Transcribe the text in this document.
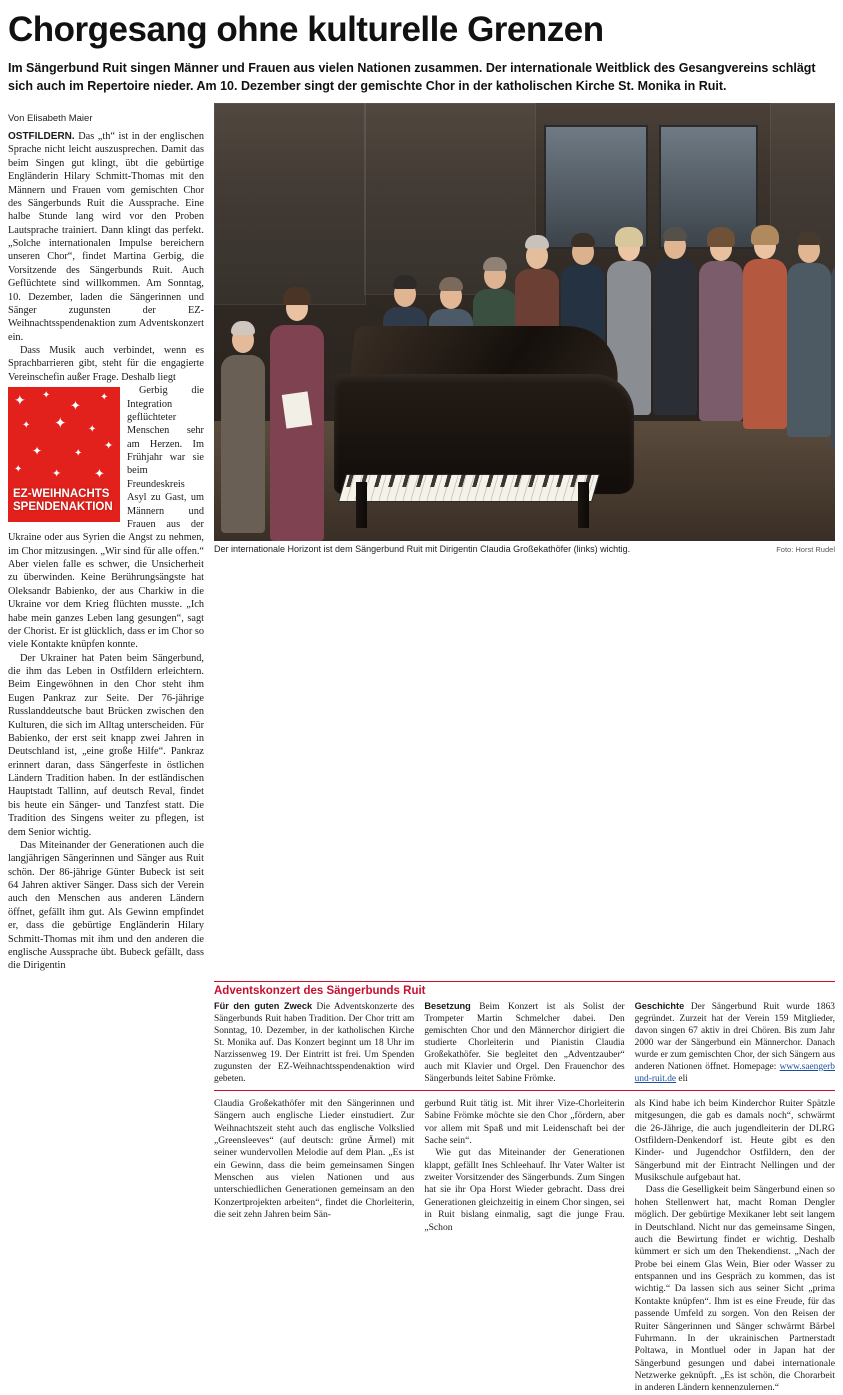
Chorgesang ohne kulturelle Grenzen
Im Sängerbund Ruit singen Männer und Frauen aus vielen Nationen zusammen. Der internationale Weitblick des Gesangvereins schlägt sich auch im Repertoire nieder. Am 10. Dezember singt der gemischte Chor in der katholischen Kirche St. Monika in Ruit.
Von Elisabeth Maier

OSTFILDERN. Das „th“ ist in der englischen Sprache nicht leicht auszusprechen. Damit das beim Singen gut klingt, übt die gebürtige Engländerin Hilary Schmitt-Thomas mit den Männern und Frauen vom gemischten Chor des Sängerbunds Ruit die Aussprache. Eine halbe Stunde lang wird vor den Proben Lautsprache trainiert. Dann klingt das perfekt. „Solche internationalen Impulse bereichern unseren Chor“, findet Martina Gerbig, die Vorsitzende des Sängerbunds Ruit. Auch Geflüchtete sind willkommen. Am Sonntag, 10. Dezember, laden die Sängerinnen und Sänger zugunsten der EZ-Weihnachtsspendenaktion zum Adventskonzert ein.

Dass Musik auch verbindet, wenn es Sprachbarrieren gibt, steht für die engagierte Vereinschefin außer Frage. Deshalb liegt

✦ ✦
✦
✦
✦ ✦ ✦
✦	✦
✦
✦	✦	✦
EZ-WEIHNACHTS
SPENDENAKTION

Gerbig die Integration geflüchteter Menschen sehr am Herzen. Im Frühjahr war sie beim Freundeskreis Asyl zu Gast, um Männern und Frauen aus der Ukraine oder aus Syrien die Angst zu nehmen, im Chor mitzusingen. „Wir sind für alle offen.“ Aber vielen falle es schwer, die Unsicherheit zu überwinden. Keine Berührungsängste hat Oleksandr Babienko, der aus Charkiw in die Ukraine vor dem Krieg flüchten musste. „Ich habe mein ganzes Leben lang gesungen“, sagt der Chorist. Er ist glücklich, dass er im Chor so viele Kontakte knüpfen konnte.

Der Ukrainer hat Paten beim Sängerbund, die ihm das Leben in Ostfildern erleichtern. Beim Eingewöhnen in den Chor steht ihm Eugen Pankraz zur Seite. Der 76-jährige Russlanddeutsche baut Brücken zwischen den Kulturen, die sich im Alltag unterscheiden. Für Babienko, der erst seit knapp zwei Jahren in Deutschland ist, „eine große Hilfe“. Pankraz erinnert daran, dass Sängerfeste in östlichen Ländern Tradition haben. In der estländischen Hauptstadt Tallinn, auf deutsch Reval, findet bis heute ein Sänger- und Tanzfest statt. Die Tradition des Singens weiter zu pflegen, ist dem Senior wichtig.

Das Miteinander der Generationen auch die langjährigen Sängerinnen und Sänger aus Ruit schön. Der 86-jährige Günter Bubeck ist seit 64 Jahren aktiver Sänger. Dass sich der Verein auch den Menschen aus anderen Ländern öffnet, gefällt ihm gut. Als Gewinn empfindet er, dass die gebürtige Engländerin Hilary Schmitt-Thomas mit ihm und den anderen die englische Aussprache übt. Bubeck gefällt, dass die Dirigentin

Der internationale Horizont ist dem Sängerbund Ruit mit Dirigentin Claudia Großekathöfer (links) wichtig.	Foto: Horst Rudel

Adventskonzert des Sängerbunds Ruit
Für den guten Zweck Die Adventskonzerte des Sängerbunds Ruit haben Tradition. Der Chor tritt am Sonntag, 10. Dezember, in der katholischen Kirche St. Monika auf. Das Konzert beginnt um 18 Uhr im Narzissenweg 19. Der Eintritt ist frei. Um Spenden zugunsten der EZ-Weihnachtsspendenaktion wird gebeten.
Besetzung Beim Konzert ist als Solist der Trompeter Martin Schmelcher dabei. Den gemischten Chor und den Männerchor dirigiert die studierte Chorleiterin und Pianistin Claudia Großekathöfer. Sie begleitet den „Adventzauber“ auch mit Klavier und Orgel. Den Frauenchor des Sängerbunds leitet Sabine Frömke.
Geschichte Der Sängerbund Ruit wurde 1863 gegründet. Zurzeit hat der Verein 159 Mitglieder, davon singen 67 aktiv in drei Chören. Bis zum Jahr 2000 war der Sängerbund ein Männerchor. Danach wurde er zum gemischten Chor, der sich Sängern aus anderen Nationen öffnet. Homepage: www.saengerbund-ruit.de eli

Claudia Großekathöfer mit den Sängerinnen und Sängern auch englische Lieder einstudiert. Zur Weihnachtszeit steht auch das englische Volkslied „Greensleeves“ (auf deutsch: grüne Ärmel) mit seiner wundervollen Melodie auf dem Plan. „Es ist ein Gewinn, dass die beim gemeinsamen Singen Menschen aus vielen Nationen und aus unterschiedlichen Generationen gemeinsam an den Konzertprojekten arbeiten“, findet die Chorleiterin, die seit zehn Jahren beim Sän-

gerbund Ruit tätig ist. Mit ihrer Vize-Chorleiterin Sabine Frömke möchte sie den Chor „fördern, aber vor allem mit Spaß und mit Leidenschaft bei der Sache sein“.

Wie gut das Miteinander der Generationen klappt, gefällt Ines Schleehauf. Ihr Vater Walter ist zweiter Vorsitzender des Sängerbunds. Zum Singen hat sie ihr Opa Horst Wieder gebracht. Dass drei Generationen gleichzeitig in einem Chor singen, sei in Ruit bislang einmalig, sagt die junge Frau. „Schon

als Kind habe ich beim Kinderchor Ruiter Spätzle mitgesungen, die gab es damals noch“, schwärmt die 26-Jährige, die auch jugendleiterin der DLRG Ostfildern-Denkendorf ist. Heute gibt es den Kinder- und Jugendchor Ostfildern, den der Sängerbund mit der Eintracht Nellingen und der Musikschule aufgebaut hat.

Dass die Geselligkeit beim Sängerbund einen so hohen Stellenwert hat, macht Roman Dengler möglich. Der gebürtige Mexikaner lebt seit langem in Deutschland. Nicht nur das gemeinsame Singen, auch die Bewirtung findet er wichtig. Deshalb kümmert er sich um den Thekendienst. „Nach der Probe bei einem Glas Wein, Bier oder Wasser zu entspannen und ins Gespräch zu kommen, das ist wichtig.“ Da lassen sich aus seiner Sicht „prima Kontakte knüpfen“. Ihm ist es eine Freude, für das passende Umfeld zu sorgen. Von den Reisen der Ruiter Sängerinnen und Sänger schwärmt Bärbel Fuhrmann. In der ukrainischen Partnerstadt Poltawa, in Montluel oder in Japan hat der Sängerbund gesungen und dabei internationale Netzwerke geknüpft. „Es ist schön, die Chorarbeit in anderen Ländern kennenzulernen.“
